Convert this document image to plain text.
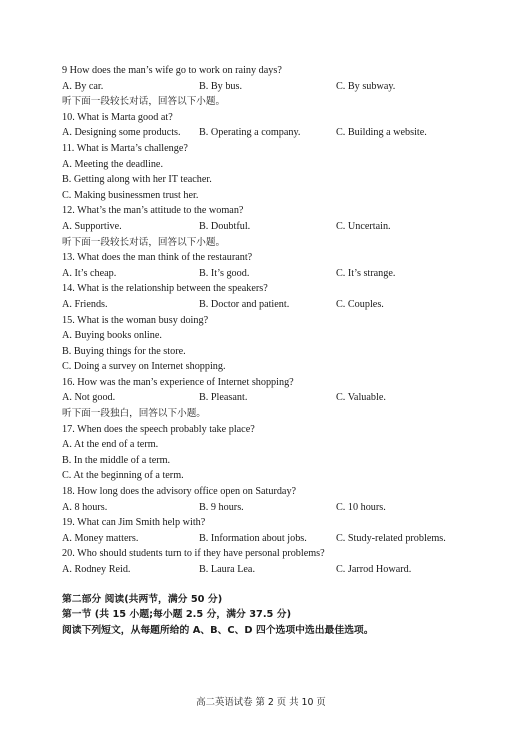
9 How does the man’s wife go to work on rainy days?
A. By car.	B. By bus.	C. By subway.
听下面一段较长对话，回答以下小题。
10. What is Marta good at?
A. Designing some products. B. Operating a company.	C. Building a website.
11. What is Marta’s challenge?
A. Meeting the deadline.
B. Getting along with her IT teacher.
C. Making businessmen trust her.
12. What’s the man’s attitude to the woman?
A. Supportive.	B. Doubtful.	C. Uncertain.
听下面一段较长对话，回答以下小题。
13. What does the man think of the restaurant?
A. It’s cheap.	B. It’s good.	C. It’s strange.
14. What is the relationship between the speakers?
A. Friends.	B. Doctor and patient.	C. Couples.
15. What is the woman busy doing?
A. Buying books online.
B. Buying things for the store.
C. Doing a survey on Internet shopping.
16. How was the man’s experience of Internet shopping?
A. Not good.	B. Pleasant.	C. Valuable.
听下面一段独白，回答以下小题。
17. When does the speech probably take place?
A. At the end of a term.
B. In the middle of a term.
C. At the beginning of a term.
18. How long does the advisory office open on Saturday?
A. 8 hours.	B. 9 hours.	C. 10 hours.
19. What can Jim Smith help with?
A. Money matters.	B. Information about jobs.	C. Study-related problems.
20. Who should students turn to if they have personal problems?
A. Rodney Reid.	B. Laura Lea.	C. Jarrod Howard.
第二部分 阅读(共两节，满分 50 分)
第一节 (共 15 小题;每小题 2.5 分，满分 37.5 分)
阅读下列短文，从每题所给的 A、B、C、D 四个选项中选出最佳选项。
高二英语试卷 第 2 页 共 10 页
